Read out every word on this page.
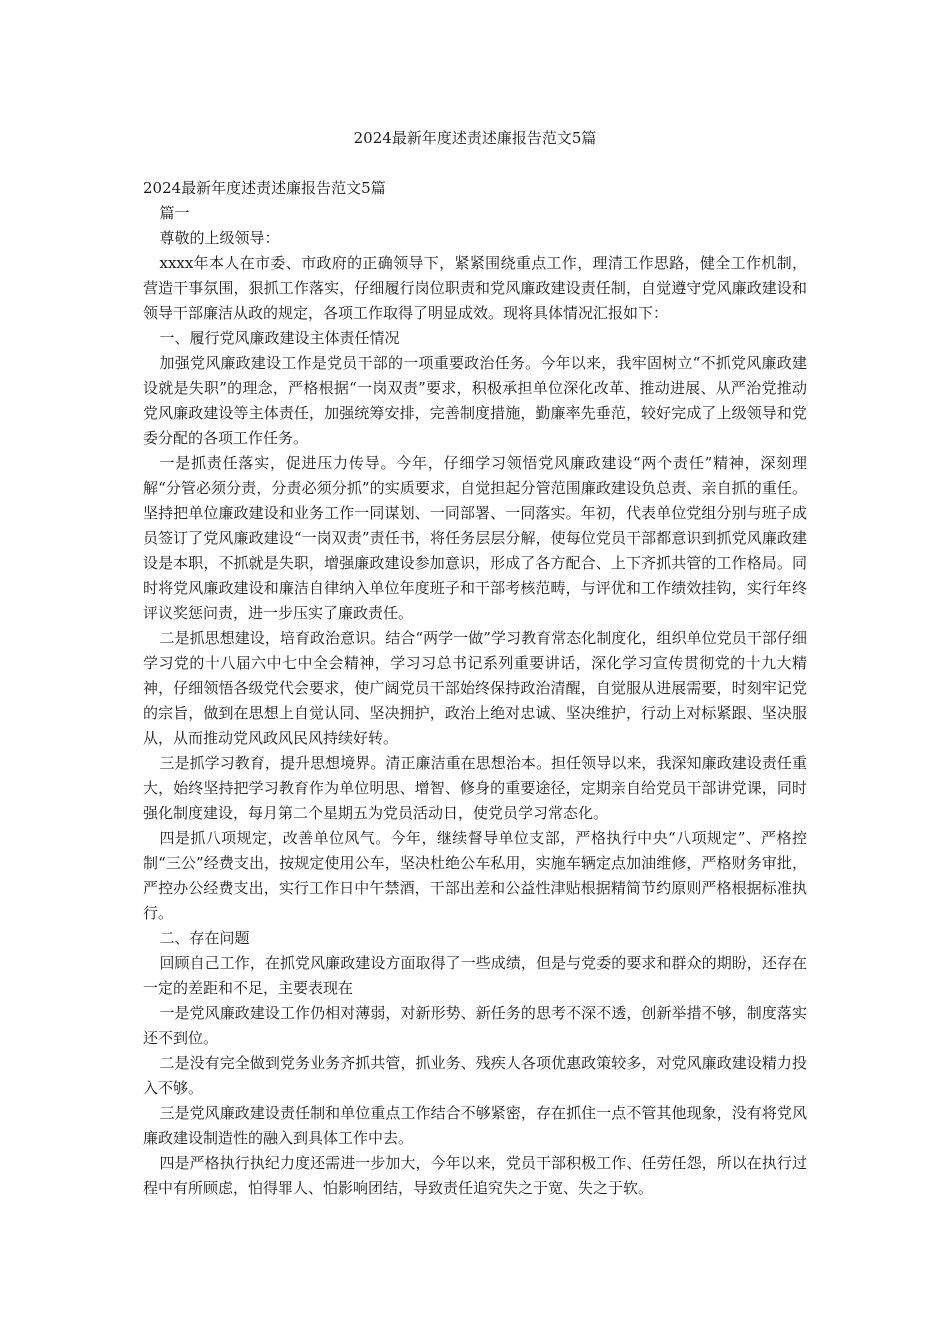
2024最新年度述责述廉报告范文5篇

2024最新年度述责述廉报告范文5篇

篇一

尊敬的上级领导：

xxxx年本人在市委、市政府的正确领导下，紧紧围绕重点工作，理清工作思路，健全工作机制，营造干事氛围，狠抓工作落实，仔细履行岗位职责和党风廉政建设责任制，自觉遵守党风廉政建设和领导干部廉洁从政的规定，各项工作取得了明显成效。现将具体情况汇报如下：

一、履行党风廉政建设主体责任情况

加强党风廉政建设工作是党员干部的一项重要政治任务。今年以来，我牢固树立“不抓党风廉政建设就是失职”的理念，严格根据“一岗双责”要求，积极承担单位深化改革、推动进展、从严治党推动党风廉政建设等主体责任，加强统筹安排，完善制度措施，勤廉率先垂范，较好完成了上级领导和党委分配的各项工作任务。

一是抓责任落实，促进压力传导。今年，仔细学习领悟党风廉政建设“两个责任”精神，深刻理解“分管必须分责，分责必须分抓”的实质要求，自觉担起分管范围廉政建设负总责、亲自抓的重任。坚持把单位廉政建设和业务工作一同谋划、一同部署、一同落实。年初，代表单位党组分别与班子成员签订了党风廉政建设“一岗双责”责任书，将任务层层分解，使每位党员干部都意识到抓党风廉政建设是本职，不抓就是失职，增强廉政建设参加意识，形成了各方配合、上下齐抓共管的工作格局。同时将党风廉政建设和廉洁自律纳入单位年度班子和干部考核范畴，与评优和工作绩效挂钩，实行年终评议奖惩问责，进一步压实了廉政责任。

二是抓思想建设，培育政治意识。结合“两学一做”学习教育常态化制度化，组织单位党员干部仔细学习党的十八届六中七中全会精神，学习习总书记系列重要讲话，深化学习宣传贯彻党的十九大精神，仔细领悟各级党代会要求，使广阔党员干部始终保持政治清醒，自觉服从进展需要，时刻牢记党的宗旨，做到在思想上自觉认同、坚决拥护，政治上绝对忠诚、坚决维护，行动上对标紧跟、坚决服从，从而推动党风政风民风持续好转。

三是抓学习教育，提升思想境界。清正廉洁重在思想治本。担任领导以来，我深知廉政建设责任重大，始终坚持把学习教育作为单位明思、增智、修身的重要途径，定期亲自给党员干部讲党课，同时强化制度建设，每月第二个星期五为党员活动日，使党员学习常态化。

四是抓八项规定，改善单位风气。今年，继续督导单位支部，严格执行中央“八项规定”、严格控制“三公”经费支出，按规定使用公车，坚决杜绝公车私用，实施车辆定点加油维修，严格财务审批，严控办公经费支出，实行工作日中午禁酒，干部出差和公益性津贴根据精简节约原则严格根据标准执行。

二、存在问题

回顾自己工作，在抓党风廉政建设方面取得了一些成绩，但是与党委的要求和群众的期盼，还存在一定的差距和不足，主要表现在

一是党风廉政建设工作仍相对薄弱，对新形势、新任务的思考不深不透，创新举措不够，制度落实还不到位。

二是没有完全做到党务业务齐抓共管，抓业务、残疾人各项优惠政策较多，对党风廉政建设精力投入不够。

三是党风廉政建设责任制和单位重点工作结合不够紧密，存在抓住一点不管其他现象，没有将党风廉政建设制造性的融入到具体工作中去。

四是严格执行执纪力度还需进一步加大，今年以来，党员干部积极工作、任劳任怨，所以在执行过程中有所顾虑，怕得罪人、怕影响团结，导致责任追究失之于宽、失之于软。
